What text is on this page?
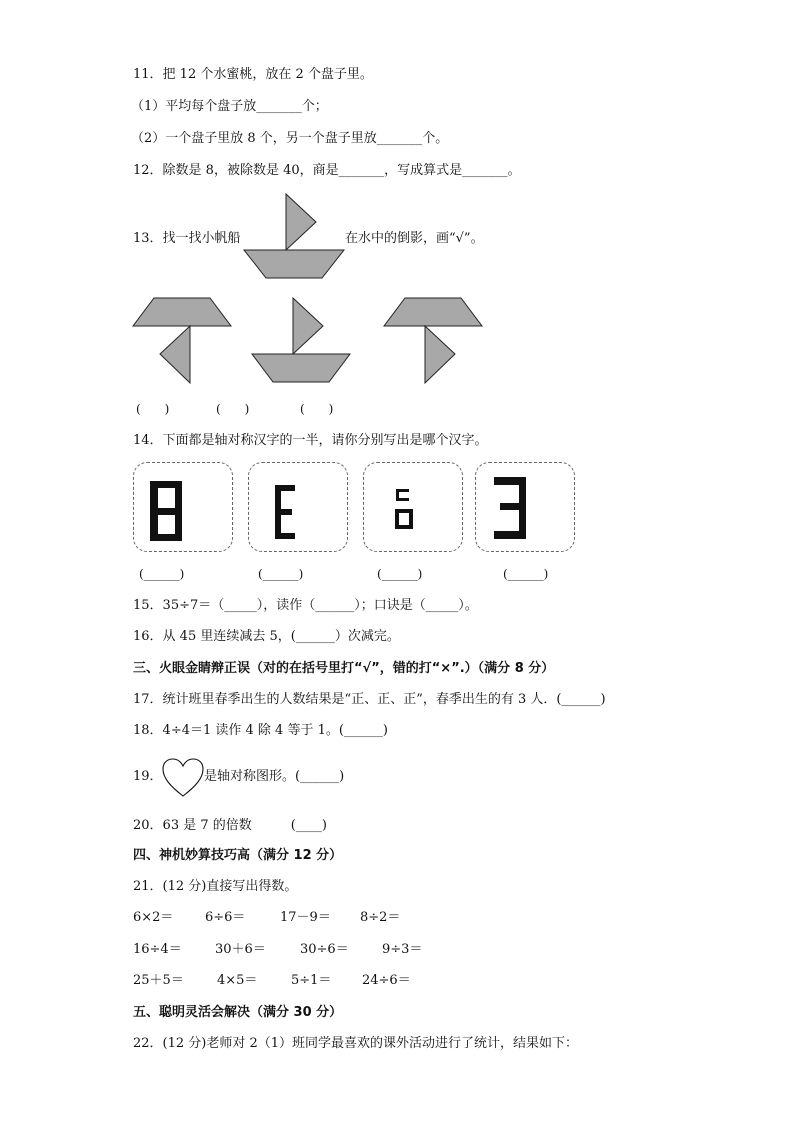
11．把 12 个水蜜桃，放在 2 个盘子里。
（1）平均每个盘子放_______个；
（2）一个盘子里放 8 个，另一个盘子里放_______个。
12．除数是 8，被除数是 40，商是_______，写成算式是_______。
13．找一找小帆船	在水中的倒影，画“√”。
(　　)	(　　)	(　　)
14．下面都是轴对称汉字的一半，请你分别写出是哪个汉字。
(______)	(______)	(______)	(______)
15．35÷7＝（_____），读作（______）；口诀是（_____）。
16．从 45 里连续减去 5，(______）次减完。
三、火眼金睛辩正误（对的在括号里打“√”，错的打“×”.）（满分 8 分）
17．统计班里春季出生的人数结果是“正、正、正”，春季出生的有 3 人．(______)
18．4÷4＝1 读作 4 除 4 等于 1。(______)
19．	是轴对称图形。(______)
20．63 是 7 的倍数　　　(____)
四、神机妙算技巧高（满分 12 分）
21．(12 分)直接写出得数。
6×2＝ 6÷6＝	17－9＝ 8÷2＝
16÷4＝	30＋6＝	30÷6＝	9÷3＝
25＋5＝	4×5＝	5÷1＝ 24÷6＝
五、聪明灵活会解决（满分 30 分）
22．(12 分)老师对 2（1）班同学最喜欢的课外活动进行了统计，结果如下：
